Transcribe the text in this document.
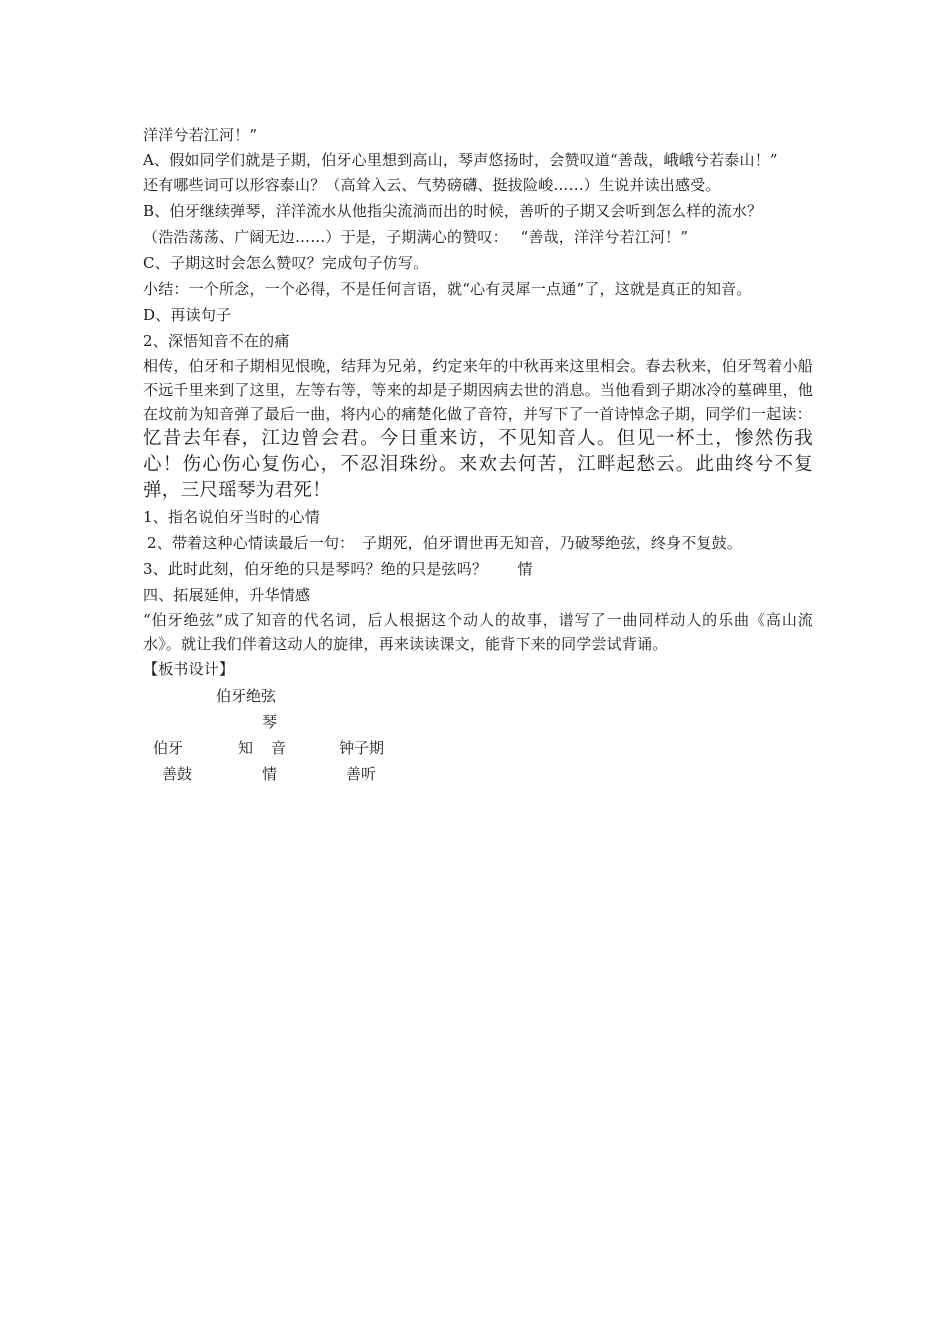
洋洋兮若江河！”

A、假如同学们就是子期，伯牙心里想到高山，琴声悠扬时，会赞叹道“善哉，峨峨兮若泰山！”

还有哪些词可以形容泰山？（高耸入云、气势磅礴、挺拔险峻……）生说并读出感受。

B、伯牙继续弹琴，洋洋流水从他指尖流淌而出的时候，善听的子期又会听到怎么样的流水？

（浩浩荡荡、广阔无边……）于是，子期满心的赞叹：　 “善哉，洋洋兮若江河！”

C、子期这时会怎么赞叹？完成句子仿写。

小结：一个所念，一个必得，不是任何言语，就“心有灵犀一点通”了，这就是真正的知音。

D、再读句子

2、深悟知音不在的痛

相传，伯牙和子期相见恨晚，结拜为兄弟，约定来年的中秋再来这里相会。春去秋来，伯牙驾着小船不远千里来到了这里，左等右等，等来的却是子期因病去世的消息。当他看到子期冰冷的墓碑里，他在坟前为知音弹了最后一曲，将内心的痛楚化做了音符，并写下了一首诗悼念子期，同学们一起读：

忆昔去年春，江边曾会君。今日重来访，不见知音人。但见一杯土，惨然伤我心！伤心伤心复伤心，不忍泪珠纷。来欢去何苦，江畔起愁云。此曲终兮不复弹，三尺瑶琴为君死！

1、指名说伯牙当时的心情

2、带着这种心情读最后一句：　子期死，伯牙谓世再无知音，乃破琴绝弦，终身不复鼓。

3、此时此刻，伯牙绝的只是琴吗？绝的只是弦吗？　　情

四、拓展延伸，升华情感

“伯牙绝弦”成了知音的代名词，后人根据这个动人的故事，谱写了一曲同样动人的乐曲《高山流水》。就让我们伴着这动人的旋律，再来读读课文，能背下来的同学尝试背诵。

【板书设计】

伯牙绝弦
琴
伯牙	知 音	钟子期
善鼓	情	善听
